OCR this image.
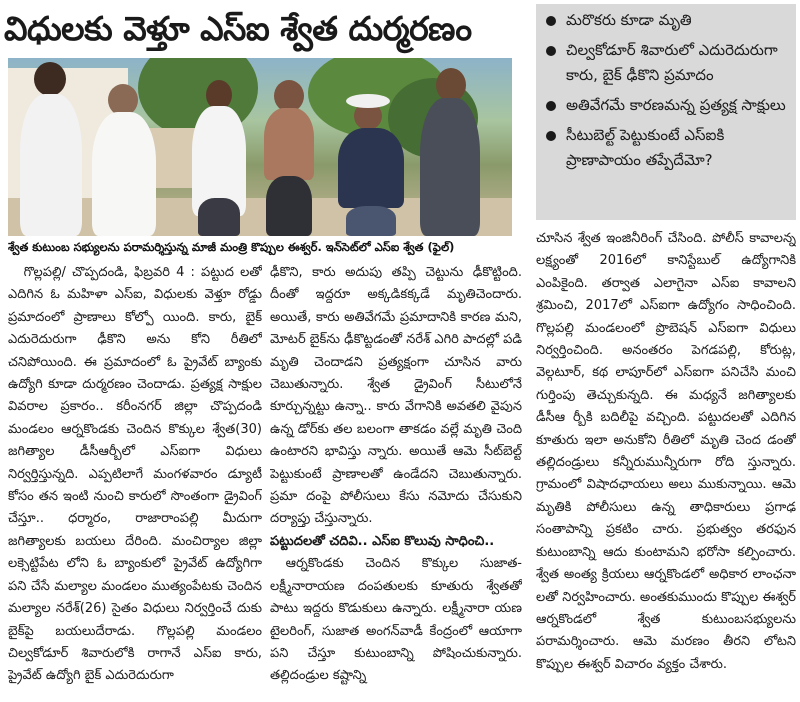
విధులకు వెళ్తూ ఎస్ఐ శ్వేత దుర్మరణం
శ్వేత కుటుంబ సభ్యులను పరామర్శిస్తున్న మాజీ మంత్రి కొప్పుల ఈశ్వర్. ఇన్‌సెట్‌లో ఎస్ఐ శ్వేత (ఫైల్)
మరొకరు కూడా మృతి
చిల్వకోడూర్ శివారులో ఎదురెదురుగా కారు, బైక్ ఢీకొని ప్రమాదం
అతివేగమే కారణమన్న ప్రత్యక్ష సాక్షులు
సీటుబెల్ట్ పెట్టుకుంటే ఎస్ఐకి ప్రాణాపాయం తప్పేదేమో?

గొల్లపల్లి/ చొప్పదండి, ఫిబ్రవరి 4 : పట్టుద లతో ఎదిగిన ఓ మహిళా ఎస్ఐ, విధులకు వెళ్తూ రోడ్డు ప్రమాదంలో ప్రాణాలు కోల్పో యింది. కారు, బైక్ ఎదురెదురుగా ఢీకొని అను కోని రీతిలో చనిపోయింది. ఈ ప్రమాదంలో ఓ ప్రైవేట్ బ్యాంకు ఉద్యోగి కూడా దుర్మరణం చెందాడు. ప్రత్యక్ష సాక్షుల వివరాల ప్రకారం.. కరీంనగర్ జిల్లా చొప్పదండి మండలం ఆర్నకొండకు చెందిన కొక్కుల శ్వేత(30) జగిత్యాల డీసీఆర్బీలో ఎస్ఐగా విధులు నిర్వర్తిస్తున్నది. ఎప్పటిలాగే మంగళవారం డ్యూటీ కోసం తన ఇంటి నుంచి కారులో సొంతంగా డ్రైవింగ్ చేస్తూ.. ధర్మారం, రాజారాంపల్లి మీదుగా జగిత్యాలకు బయలు దేరింది. మంచిర్యాల జిల్లా లక్సెట్టిపేట లోని ఓ బ్యాంకులో ప్రైవేట్ ఉద్యోగిగా పని చేసే మల్యాల మండలం ముత్యంపేటకు చెందిన మల్యాల నరేశ్(26) సైతం విధులు నిర్వర్తించే దుకు బైక్‌పై బయలుదేరాడు. గొల్లపల్లి మండలం చిల్వకోడూర్ శివారులోకి రాగానే ఎస్ఐ కారు, ప్రైవేట్ ఉద్యోగి బైక్ ఎదురెదురుగా

ఢీకొని, కారు అదుపు తప్పి చెట్టును ఢీకొట్టింది. దీంతో ఇద్దరూ అక్కడికక్కడే మృతిచెందారు. అయితే, కారు అతివేగమే ప్రమాదానికి కారణ మని, మోటర్ బైక్‌ను ఢీకొట్టడంతో నరేశ్ ఎగిరి పాదల్లో పడి మృతి చెందాడని ప్రత్యక్షంగా చూసిన వారు చెబుతున్నారు. శ్వేత డ్రైవింగ్ సీటులోనే కూర్చున్నట్టు ఉన్నా.. కారు వేగానికి అవతలి వైపున ఉన్న డోర్‌కు తల బలంగా తాకడం వల్లే మృతి చెంది ఉంటారని భావిస్తు న్నారు. అయితే ఆమె సీట్‌బెల్ట్ పెట్టుకుంటే ప్రాణాలతో ఉండేదని చెబుతున్నారు. ప్రమా దంపై పోలీసులు కేసు నమోదు చేసుకుని దర్యాప్తు చేస్తున్నారు.

పట్టుదలతో చదివి.. ఎస్ఐ కొలువు సాధించి..

ఆర్నకొండకు చెందిన కొక్కుల సుజాత-లక్ష్మీనారాయణ దంపతులకు కూతురు శ్వేతతో పాటు ఇద్దరు కొడుకులు ఉన్నారు. లక్ష్మీనారా యణ టైలరింగ్, సుజాత అంగన్‌వాడీ కేంద్రంలో ఆయాగా పని చేస్తూ కుటుంబాన్ని పోషించుకున్నారు. తల్లిదండ్రుల కష్టాన్ని

చూసిన శ్వేత ఇంజినీరింగ్ చేసింది. పోలీస్ కావాలన్న లక్ష్యంతో 2016లో కానిస్టేబుల్ ఉద్యోగానికి ఎంపికైంది. తర్వాత ఎలాగైనా ఎస్ఐ కావాలని శ్రమించి, 2017లో ఎస్ఐగా ఉద్యోగం సాధించింది. గొల్లపల్లి మండలంలో ప్రొబెషన్ ఎస్ఐగా విధులు నిర్వర్తించింది. అనంతరం పెగడపల్లి, కోరుట్ల, వెల్గటూర్, కథ లాపూర్‌లో ఎస్ఐగా పనిచేసి మంచి గుర్తింపు తెచ్చుకున్నది. ఈ మధ్యనే జగిత్యాలకు డీసీఆ ర్బీకి బదిలీపై వచ్చింది. పట్టుదలతో ఎదిగిన కూతురు ఇలా అనుకోని రీతిలో మృతి చెంద డంతో తల్లిదండ్రులు కన్నీరుమున్నీరుగా రోది స్తున్నారు. గ్రామంలో విషాదఛాయలు అలు ముకున్నాయి. ఆమె మృతికి పోలీసులు ఉన్న తాధికారులు ప్రగాఢ సంతాపాన్ని ప్రకటిం చారు. ప్రభుత్వం తరఫున కుటుంబాన్ని ఆదు కుంటామని భరోసా కల్పించారు. శ్వేత అంత్య క్రియలు ఆర్నకొండలో అధికార లాంఛనా లతో నిర్వహించారు. అంతకుముందు కొప్పుల ఈశ్వర్ ఆర్నకొండలో శ్వేత కుటుంబసభ్యులను పరామర్శించారు. ఆమె మరణం తీరని లోటని కొప్పుల ఈశ్వర్ విచారం వ్యక్తం చేశారు.
